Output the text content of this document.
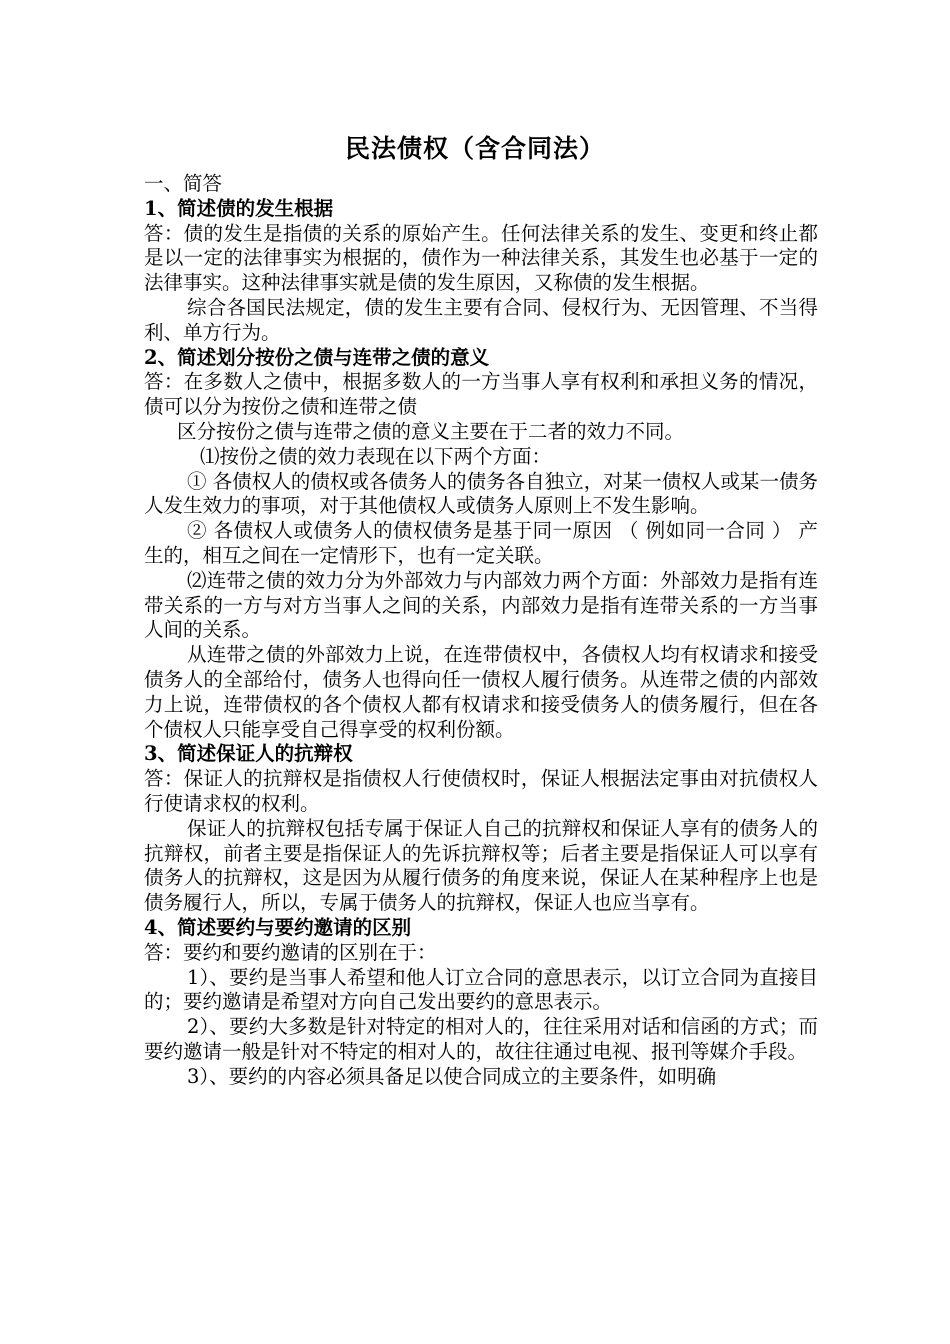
民法债权（含合同法）

一、简答

1、简述债的发生根据

答：债的发生是指债的关系的原始产生。任何法律关系的发生、变更和终止都是以一定的法律事实为根据的，债作为一种法律关系，其发生也必基于一定的法律事实。这种法律事实就是债的发生原因，又称债的发生根据。

综合各国民法规定，债的发生主要有合同、侵权行为、无因管理、不当得利、单方行为。

2、简述划分按份之债与连带之债的意义

答：在多数人之债中，根据多数人的一方当事人享有权利和承担义务的情况，债可以分为按份之债和连带之债

区分按份之债与连带之债的意义主要在于二者的效力不同。

⑴按份之债的效力表现在以下两个方面：

① 各债权人的债权或各债务人的债务各自独立，对某一债权人或某一债务人发生效力的事项，对于其他债权人或债务人原则上不发生影响。

② 各债权人或债务人的债权债务是基于同一原因 （ 例如同一合同 ） 产生的，相互之间在一定情形下，也有一定关联。

⑵连带之债的效力分为外部效力与内部效力两个方面：外部效力是指有连带关系的一方与对方当事人之间的关系，内部效力是指有连带关系的一方当事人间的关系。

从连带之债的外部效力上说，在连带债权中，各债权人均有权请求和接受债务人的全部给付，债务人也得向任一债权人履行债务。从连带之债的内部效力上说，连带债权的各个债权人都有权请求和接受债务人的债务履行，但在各个债权人只能享受自己得享受的权利份额。

3、简述保证人的抗辩权

答：保证人的抗辩权是指债权人行使债权时，保证人根据法定事由对抗债权人行使请求权的权利。

保证人的抗辩权包括专属于保证人自己的抗辩权和保证人享有的债务人的抗辩权，前者主要是指保证人的先诉抗辩权等；后者主要是指保证人可以享有债务人的抗辩权，这是因为从履行债务的角度来说，保证人在某种程序上也是债务履行人，所以，专属于债务人的抗辩权，保证人也应当享有。

4、简述要约与要约邀请的区别

答：要约和要约邀请的区别在于：

1）、要约是当事人希望和他人订立合同的意思表示，以订立合同为直接目的；要约邀请是希望对方向自己发出要约的意思表示。

2）、要约大多数是针对特定的相对人的，往往采用对话和信函的方式；而要约邀请一般是针对不特定的相对人的，故往往通过电视、报刊等媒介手段。

3）、要约的内容必须具备足以使合同成立的主要条件，如明确
